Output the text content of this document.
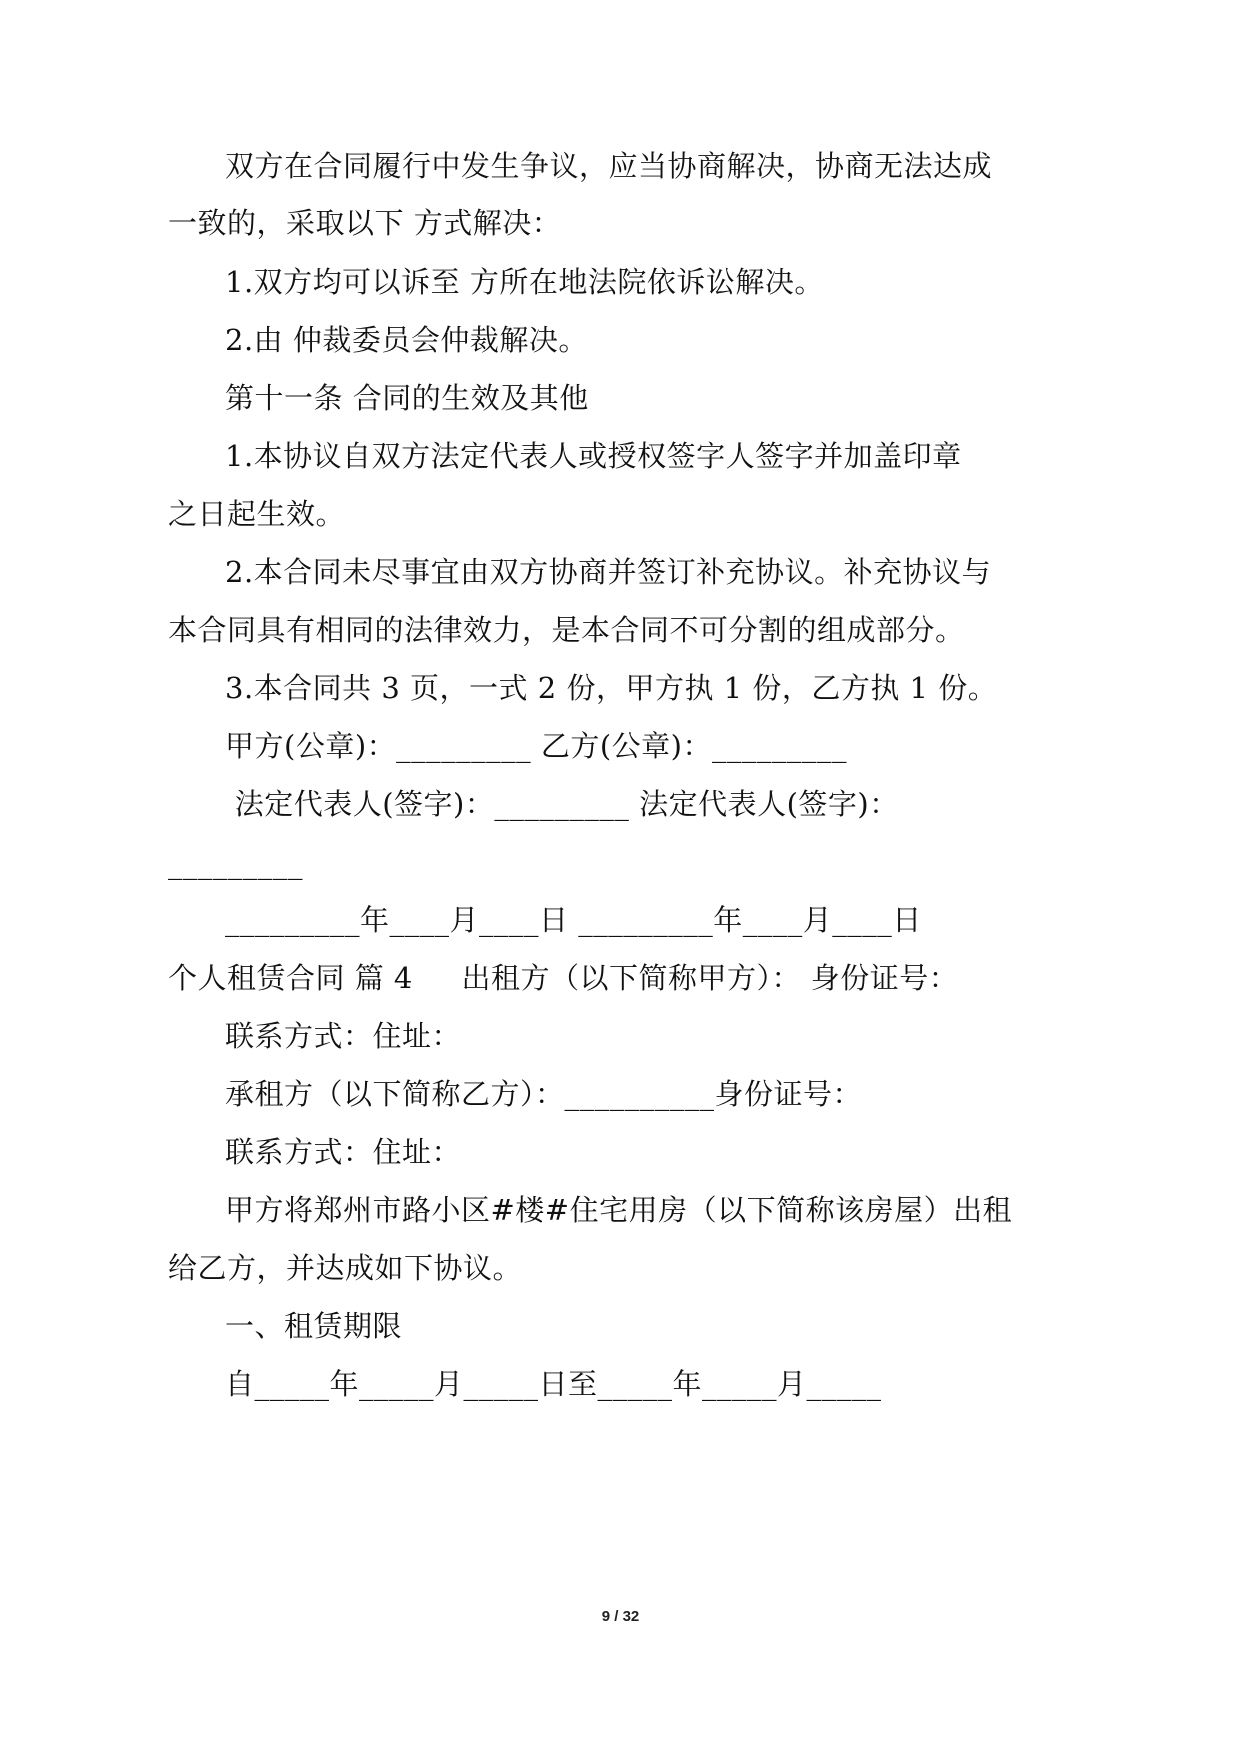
双方在合同履行中发生争议，应当协商解决，协商无法达成
一致的，采取以下 方式解决：
1.双方均可以诉至 方所在地法院依诉讼解决。
2.由 仲裁委员会仲裁解决。
第十一条 合同的生效及其他
1.本协议自双方法定代表人或授权签字人签字并加盖印章
之日起生效。
2.本合同未尽事宜由双方协商并签订补充协议。补充协议与
本合同具有相同的法律效力，是本合同不可分割的组成部分。
3.本合同共 3 页，一式 2 份，甲方执 1 份，乙方执 1 份。
甲方(公章)：_________ 乙方(公章)：_________
法定代表人(签字)：_________ 法定代表人(签字)：
_________
_________年____月____日 _________年____月____日
个人租赁合同 篇 4     出租方（以下简称甲方）： 身份证号：
联系方式：住址：
承租方（以下简称乙方）：__________身份证号：
联系方式：住址：
甲方将郑州市路小区#楼#住宅用房（以下简称该房屋）出租
给乙方，并达成如下协议。
一、租赁期限
自_____年_____月_____日至_____年_____月_____
9 / 32
